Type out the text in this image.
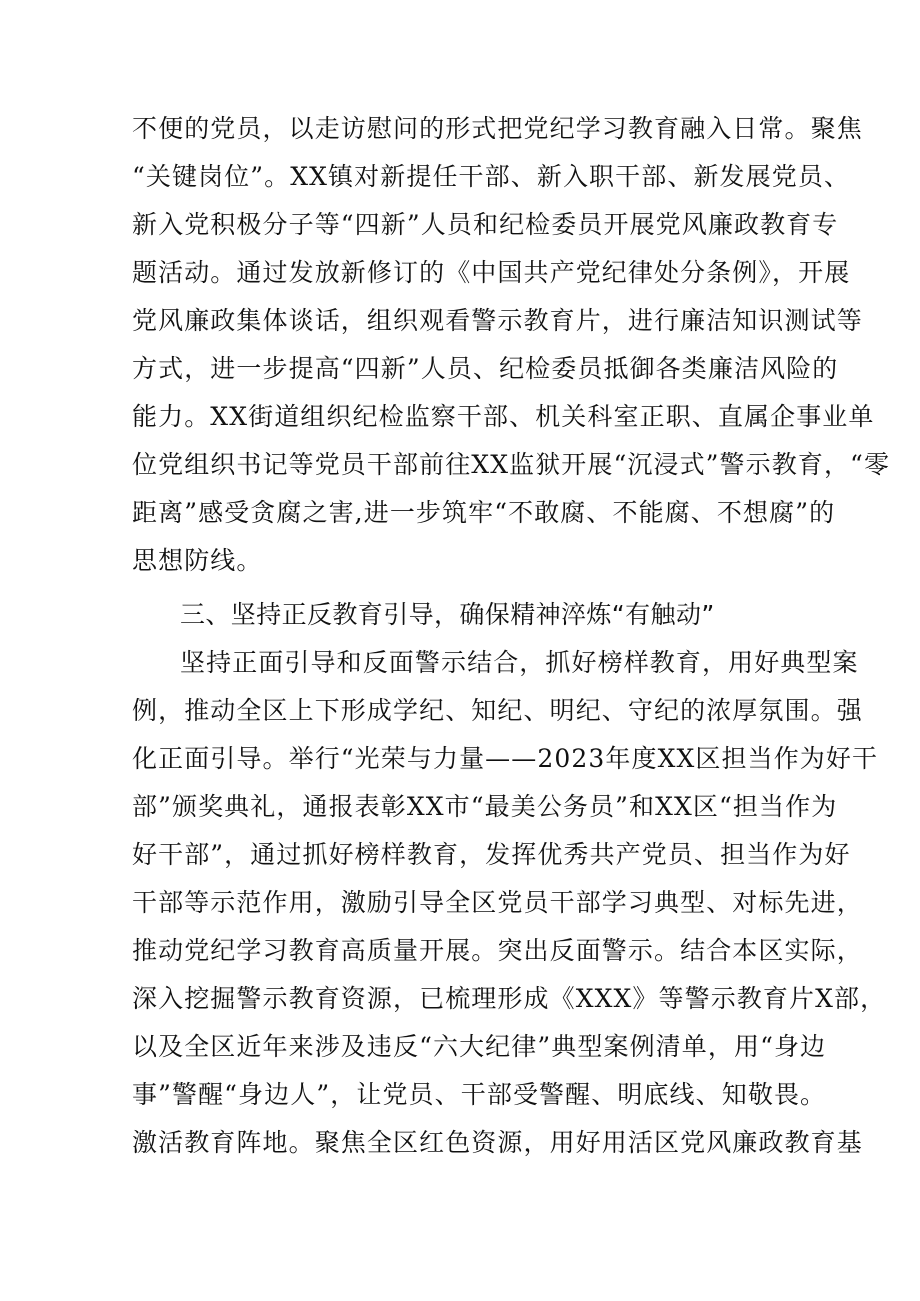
不便的党员，以走访慰问的形式把党纪学习教育融入日常。聚焦
“关键岗位”。XX镇对新提任干部、新入职干部、新发展党员、
新入党积极分子等“四新”人员和纪检委员开展党风廉政教育专
题活动。通过发放新修订的《中国共产党纪律处分条例》，开展
党风廉政集体谈话，组织观看警示教育片，进行廉洁知识测试等
方式，进一步提高“四新”人员、纪检委员抵御各类廉洁风险的
能力。XX街道组织纪检监察干部、机关科室正职、直属企事业单
位党组织书记等党员干部前往XX监狱开展“沉浸式”警示教育，“零
距离”感受贪腐之害,进一步筑牢“不敢腐、不能腐、不想腐”的
思想防线。
三、坚持正反教育引导，确保精神淬炼“有触动”
坚持正面引导和反面警示结合，抓好榜样教育，用好典型案
例，推动全区上下形成学纪、知纪、明纪、守纪的浓厚氛围。强
化正面引导。举行“光荣与力量——2023年度XX区担当作为好干
部”颁奖典礼，通报表彰XX市“最美公务员”和XX区“担当作为
好干部”，通过抓好榜样教育，发挥优秀共产党员、担当作为好
干部等示范作用，激励引导全区党员干部学习典型、对标先进，
推动党纪学习教育高质量开展。突出反面警示。结合本区实际，
深入挖掘警示教育资源，已梳理形成《XXX》等警示教育片X部，
以及全区近年来涉及违反“六大纪律”典型案例清单，用“身边
事”警醒“身边人”，让党员、干部受警醒、明底线、知敬畏。
激活教育阵地。聚焦全区红色资源，用好用活区党风廉政教育基
